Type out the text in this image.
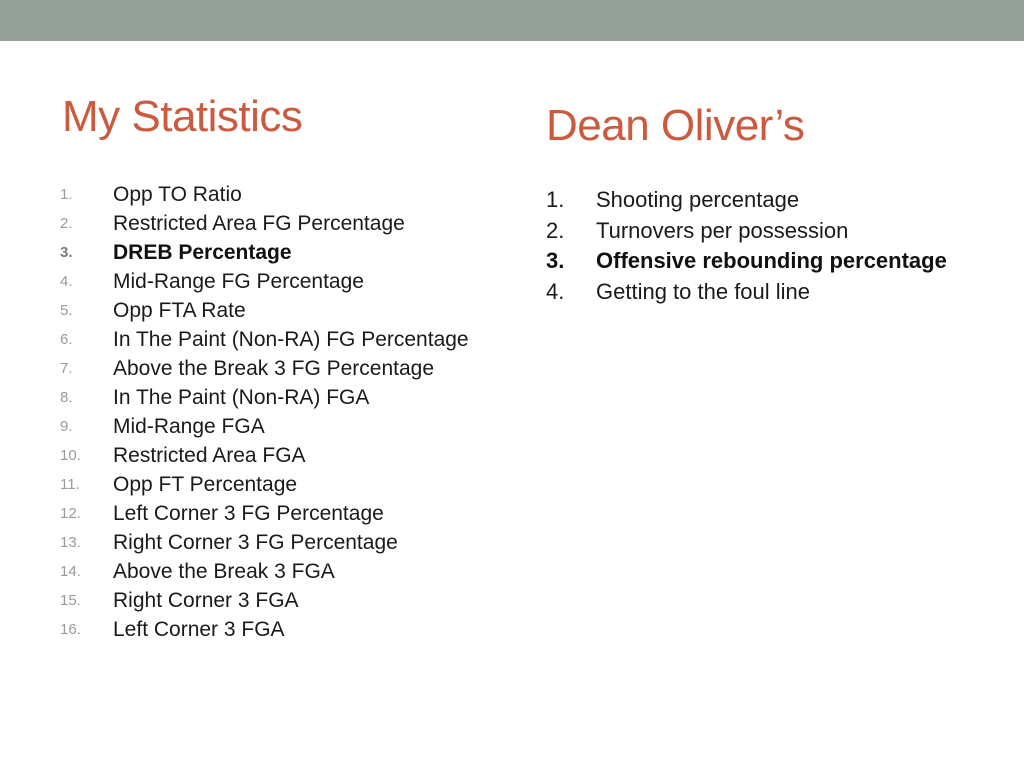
My Statistics	Dean Oliver’s
1.	Opp TO Ratio
2.	Restricted Area FG Percentage
3.	DREB Percentage
4.	Mid-Range FG Percentage
5.	Opp FTA Rate
6.	In The Paint (Non-RA) FG Percentage
7.	Above the Break 3 FG Percentage
8.	In The Paint (Non-RA) FGA
9.	Mid-Range FGA
10.	Restricted Area FGA
11.	Opp FT Percentage
12.	Left Corner 3 FG Percentage
13.	Right Corner 3 FG Percentage
14.	Above the Break 3 FGA
15.	Right Corner 3 FGA
16.	Left Corner 3 FGA
1.	Shooting percentage
2.	Turnovers per possession
3.	Offensive rebounding percentage
4.	Getting to the foul line
